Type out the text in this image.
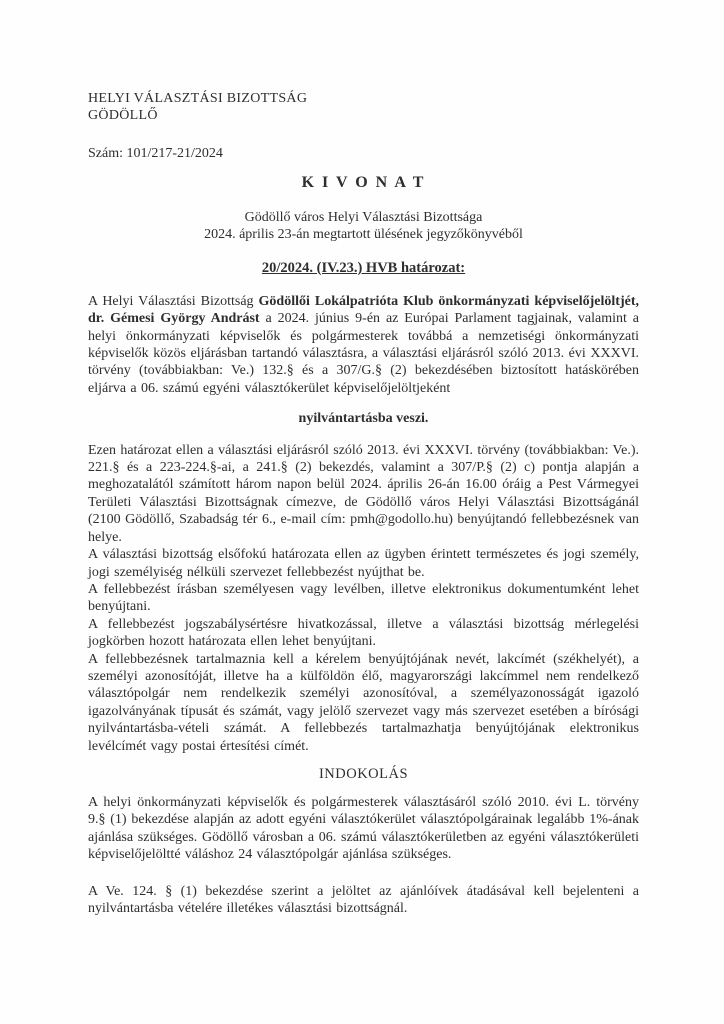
HELYI VÁLASZTÁSI BIZOTTSÁG
GÖDÖLLŐ
Szám: 101/217-21/2024
K I V O N A T
Gödöllő város Helyi Választási Bizottsága
2024. április 23-án megtartott ülésének jegyzőkönyvéből
20/2024. (IV.23.) HVB határozat:

A Helyi Választási Bizottság Gödöllői Lokálpatrióta Klub önkormányzati képviselőjelöltjét, dr. Gémesi György Andrást a 2024. június 9-én az Európai Parlament tagjainak, valamint a helyi önkormányzati képviselők és polgármesterek továbbá a nemzetiségi önkormányzati képviselők közös eljárásban tartandó választásra, a választási eljárásról szóló 2013. évi XXXVI. törvény (továbbiakban: Ve.) 132.§ és a 307/G.§ (2) bekezdésében biztosított hatáskörében eljárva a 06. számú egyéni választókerület képviselőjelöltjeként

nyilvántartásba veszi.

Ezen határozat ellen a választási eljárásról szóló 2013. évi XXXVI. törvény (továbbiakban: Ve.). 221.§ és a 223-224.§-ai, a 241.§ (2) bekezdés, valamint a 307/P.§ (2) c) pontja alapján a meghozatalától számított három napon belül 2024. április 26-án 16.00 óráig a Pest Vármegyei Területi Választási Bizottságnak címezve, de Gödöllő város Helyi Választási Bizottságánál (2100 Gödöllő, Szabadság tér 6., e-mail cím: pmh@godollo.hu) benyújtandó fellebbezésnek van helye.

A választási bizottság elsőfokú határozata ellen az ügyben érintett természetes és jogi személy, jogi személyiség nélküli szervezet fellebbezést nyújthat be.

A fellebbezést írásban személyesen vagy levélben, illetve elektronikus dokumentumként lehet benyújtani.

A fellebbezést jogszabálysértésre hivatkozással, illetve a választási bizottság mérlegelési jogkörben hozott határozata ellen lehet benyújtani.

A fellebbezésnek tartalmaznia kell a kérelem benyújtójának nevét, lakcímét (székhelyét), a személyi azonosítóját, illetve ha a külföldön élő, magyarországi lakcímmel nem rendelkező választópolgár nem rendelkezik személyi azonosítóval, a személyazonosságát igazoló igazolványának típusát és számát, vagy jelölő szervezet vagy más szervezet esetében a bírósági nyilvántartásba-vételi számát. A fellebbezés tartalmazhatja benyújtójának elektronikus levélcímét vagy postai értesítési címét.

INDOKOLÁS

A helyi önkormányzati képviselők és polgármesterek választásáról szóló 2010. évi L. törvény 9.§ (1) bekezdése alapján az adott egyéni választókerület választópolgárainak legalább 1%-ának ajánlása szükséges. Gödöllő városban a 06. számú választókerületben az egyéni választókerületi képviselőjelöltté váláshoz 24 választópolgár ajánlása szükséges.

A Ve. 124. § (1) bekezdése szerint a jelöltet az ajánlóívek átadásával kell bejelenteni a nyilvántartásba vételére illetékes választási bizottságnál.
